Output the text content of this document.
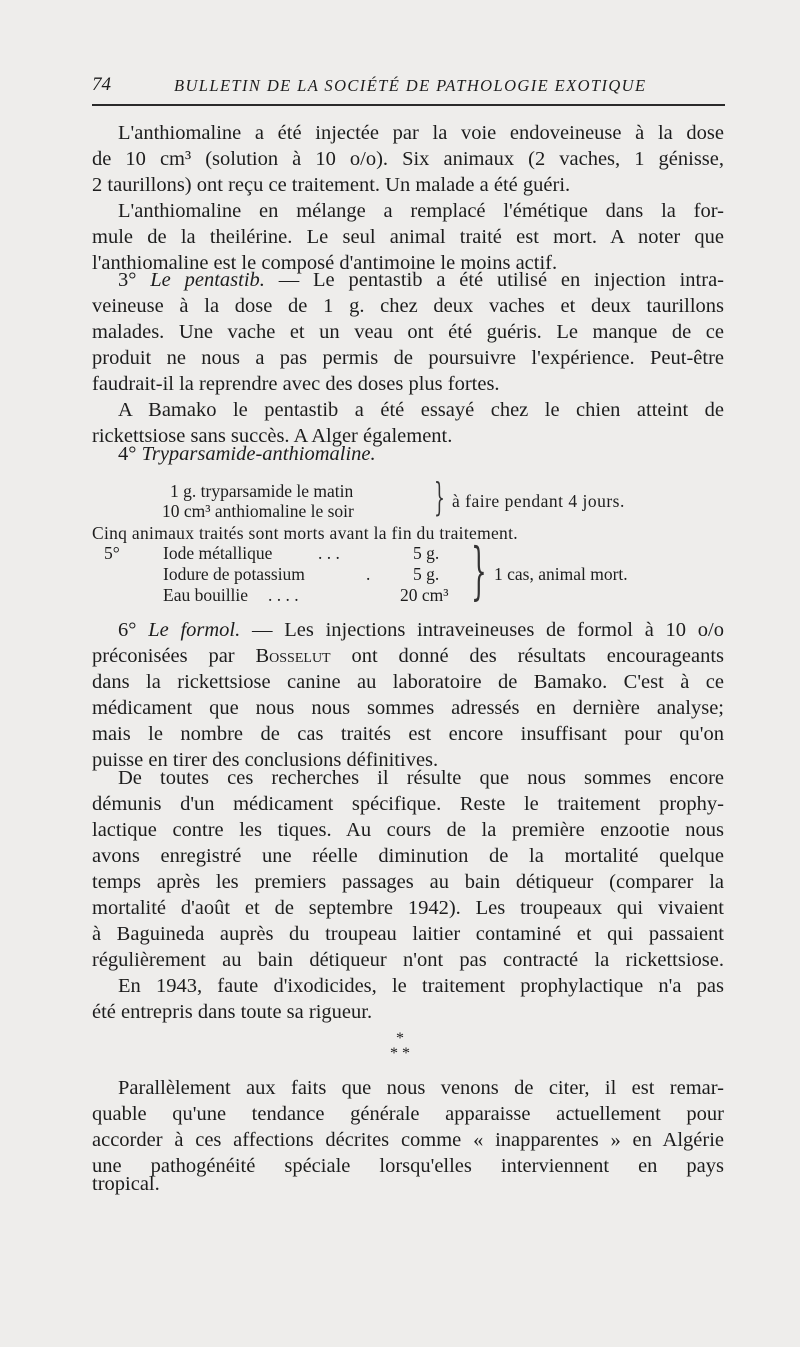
74	BULLETIN DE LA SOCIÉTÉ DE PATHOLOGIE EXOTIQUE
L'anthiomaline a été injectée par la voie endoveineuse à la dose
de 10 cm³ (solution à 10 o/o). Six animaux (2 vaches, 1 génisse,
2 taurillons) ont reçu ce traitement. Un malade a été guéri.
L'anthiomaline en mélange a remplacé l'émétique dans la for-
mule de la theilérine. Le seul animal traité est mort. A noter que
l'anthiomaline est le composé d'antimoine le moins actif.
3° Le pentastib. — Le pentastib a été utilisé en injection intra-
veineuse à la dose de 1 g. chez deux vaches et deux taurillons
malades. Une vache et un veau ont été guéris. Le manque de ce
produit ne nous a pas permis de poursuivre l'expérience. Peut-être
faudrait-il la reprendre avec des doses plus fortes.
A Bamako le pentastib a été essayé chez le chien atteint de
rickettsiose sans succès. A Alger également.
4° Tryparsamide-anthiomaline.
1 g. tryparsamide le matin
10 cm³ anthiomaline le soir } à faire pendant 4 jours.
Cinq animaux traités sont morts avant la fin du traitement.
5° Iode métallique	. . .	5 g.
Iodure de potassium	. 5 g.
Eau bouillie . . . .	20 cm³ } 1 cas, animal mort.
6° Le formol. — Les injections intraveineuses de formol à 10 o/o
préconisées par Bosselut ont donné des résultats encourageants
dans la rickettsiose canine au laboratoire de Bamako. C'est à ce
médicament que nous nous sommes adressés en dernière analyse;
mais le nombre de cas traités est encore insuffisant pour qu'on
puisse en tirer des conclusions définitives.
De toutes ces recherches il résulte que nous sommes encore
démunis d'un médicament spécifique. Reste le traitement prophy-
lactique contre les tiques. Au cours de la première enzootie nous
avons enregistré une réelle diminution de la mortalité quelque
temps après les premiers passages au bain détiqueur (comparer la
mortalité d'août et de septembre 1942). Les troupeaux qui vivaient
à Baguineda auprès du troupeau laitier contaminé et qui passaient
régulièrement au bain détiqueur n'ont pas contracté la rickettsiose.
En 1943, faute d'ixodicides, le traitement prophylactique n'a pas
été entrepris dans toute sa rigueur.
*
* *
Parallèlement aux faits que nous venons de citer, il est remar-
quable qu'une tendance générale apparaisse actuellement pour
accorder à ces affections décrites comme « inapparentes » en Algérie
une pathogénéité spéciale lorsqu'elles interviennent en pays
tropical.
